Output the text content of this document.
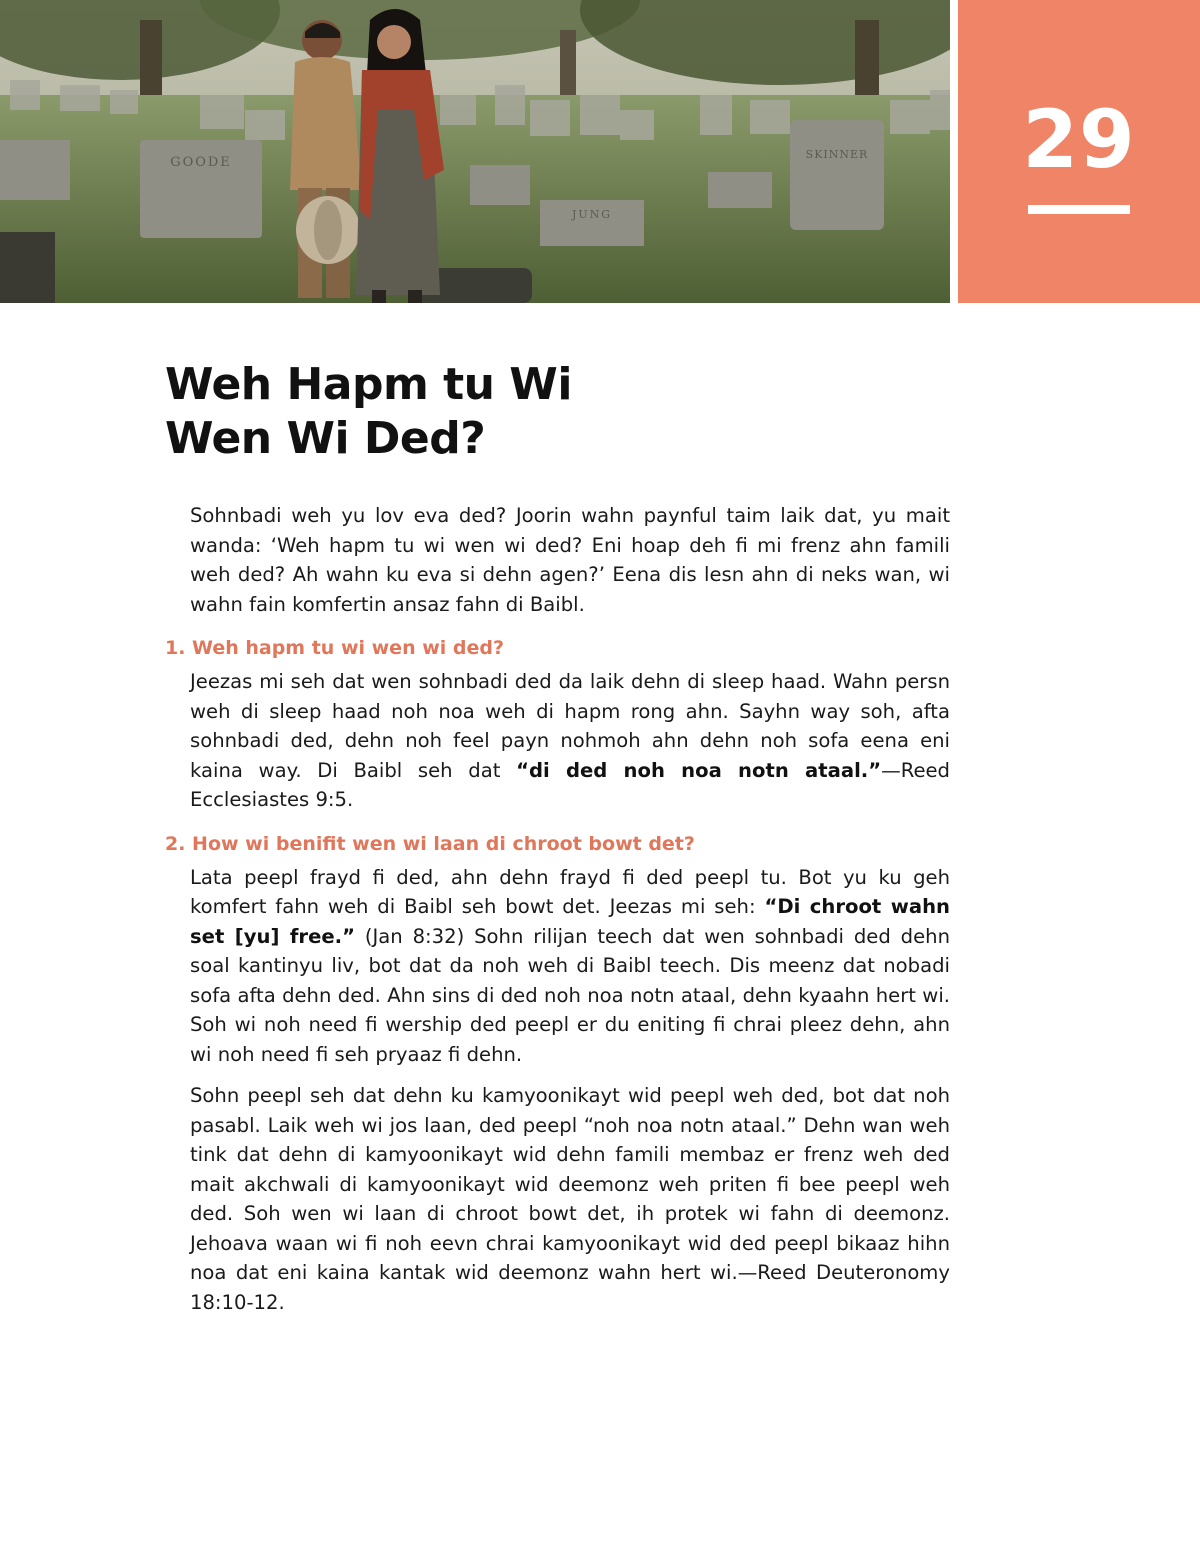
GOODE
JUNG
SKINNER	29
Weh Hapm tu Wi
Wen Wi Ded?

Sohnbadi weh yu lov eva ded? Joorin wahn paynful taim laik dat, yu mait wanda: ‘Weh hapm tu wi wen wi ded? Eni hoap deh fi mi frenz ahn famili weh ded? Ah wahn ku eva si dehn agen?’ Eena dis lesn ahn di neks wan, wi wahn fain komfertin ansaz fahn di Baibl.

1. Weh hapm tu wi wen wi ded?

Jeezas mi seh dat wen sohnbadi ded da laik dehn di sleep haad. Wahn persn weh di sleep haad noh noa weh di hapm rong ahn. Sayhn way soh, afta sohnbadi ded, dehn noh feel payn nohmoh ahn dehn noh sofa eena eni kaina way. Di Baibl seh dat “di ded noh noa notn ataal.”—Reed Ecclesiastes 9:5.

2. How wi benifit wen wi laan di chroot bowt det?

Lata peepl frayd fi ded, ahn dehn frayd fi ded peepl tu. Bot yu ku geh komfert fahn weh di Baibl seh bowt det. Jeezas mi seh: “Di chroot wahn set [yu] free.” (Jan 8:32) Sohn rilijan teech dat wen sohnbadi ded dehn soal kantinyu liv, bot dat da noh weh di Baibl teech. Dis meenz dat nobadi sofa afta dehn ded. Ahn sins di ded noh noa notn ataal, dehn kyaahn hert wi. Soh wi noh need fi wership ded peepl er du eniting fi chrai pleez dehn, ahn wi noh need fi seh pryaaz fi dehn.

Sohn peepl seh dat dehn ku kamyoonikayt wid peepl weh ded, bot dat noh pasabl. Laik weh wi jos laan, ded peepl “noh noa notn ataal.” Dehn wan weh tink dat dehn di kamyoonikayt wid dehn famili membaz er frenz weh ded mait akchwali di kamyoonikayt wid deemonz weh priten fi bee peepl weh ded. Soh wen wi laan di chroot bowt det, ih protek wi fahn di deemonz. Jehoava waan wi fi noh eevn chrai kamyoonikayt wid ded peepl bikaaz hihn noa dat eni kaina kantak wid deemonz wahn hert wi.—Reed Deuteronomy 18:10-12.
